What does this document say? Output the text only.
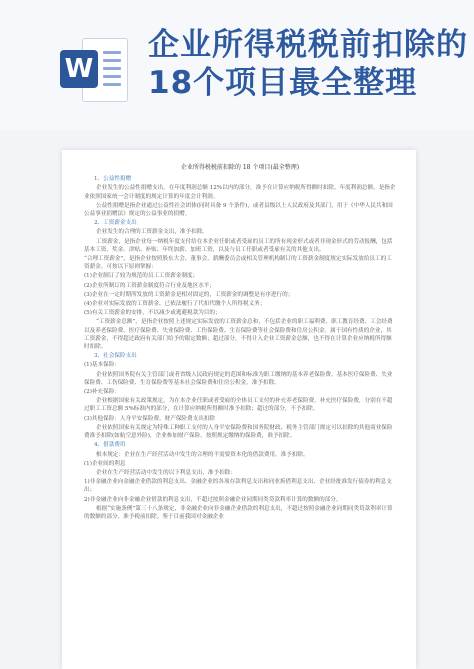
W
企业所得税税前扣除的18个项目最全整理
企业所得税税前扣除的 18 个项目(最全整理)
1、公益性捐赠
企业发生的公益性捐赠支出，在年度利润总额 12%以内的部分，准予在计算应纳税所得额时扣除。年度利润总额，是指企业依照国家统一会计制度的规定计算的年度会计利润。
公益性捐赠是指企业通过公益性社会团体(同时具备 9 个条件)，或者县级以上人民政府及其部门，用于《中华人民共和国公益事业捐赠法》规定的公益事业的捐赠。
2、工资薪金支出
企业发生的合理的工资薪金支出，准予扣除。
工资薪金，是指企业每一纳税年度支付给在本企业任职或者受雇的员工的所有现金形式或者非现金形式的劳动报酬，包括基本工资、奖金、津贴、补贴、年终加薪、加班工资，以及与员工任职或者受雇有关的其他支出。
“合理工资薪金”，是指企业按照股东大会、董事会、薪酬委员会或相关管理机构制订的工资薪金制度规定实际发放给员工的工资薪金。可按以下原则掌握：
(1)企业制订了较为规范的员工工资薪金制度；
(2)企业所制订的工资薪金制度符合行业及地区水平；
(3)企业在一定时期所发放的工资薪金是相对固定的，工资薪金的调整是有序进行的；
(4)企业对实际发放的工资薪金，已依法履行了代扣代缴个人所得税义务；
(5)有关工资薪金的安排，不以减少或逃避税款为目的；
“工资薪金总额”，是指企业按照上述规定实际发放的工资薪金总和，不包括企业的职工福利费、职工教育经费、工会经费以及养老保险费、医疗保险费、失业保险费、工伤保险费、生育保险费等社会保险费和住房公积金。属于国有性质的企业，其工资薪金，不得超过政府有关部门给予的限定数额；超过部分，不得计入企业工资薪金总额，也不得在计算企业应纳税所得额时扣除。
3、社会保险支出
(1)基本保险：
企业依照国务院有关主管部门或者省级人民政府规定的范围和标准为职工缴纳的基本养老保险费、基本医疗保险费、失业保险费、工伤保险费、生育保险费等基本社会保险费和住房公积金，准予扣除。
(2)补充保险：
企业根据国家有关政策规定，为在本企业任职或者受雇的全体员工支付的补充养老保险费、补充医疗保险费，分别在不超过职工工资总额 5%标准内的部分，在计算应纳税所得额时准予扣除；超过的部分，不予扣除。
(3)其他保险：人身平安保险费、财产保险费支出扣除
企业依照国家有关规定为特殊工种职工支付的人身平安保险费和国务院财政、税务主管部门规定可以扣除的其他商业保险费准予扣除(如航空意外险)，企业参加财产保险，按照规定缴纳的保险费，准予扣除。
4、借款费用
根本规定：企业在生产经营活动中发生的合理的不需要资本化的借款费用，准予扣除。
(1)企业间的利息
企业在生产经营活动中发生的以下利息支出，准予扣除：
1)非金融企业向金融企业借款的利息支出、金融企业的各项存款利息支出和同业拆借利息支出、企业经批准发行债券的利息支出；
2)非金融企业向非金融企业借款的利息支出，不超过按照金融企业同期同类贷款利率计算的数额的部分。
根据“实施条例”第三十八条规定，非金融企业向非金融企业借款的利息支出，不超过按照金融企业同期同类贷款利率计算的数额的部分，准予税前扣除。鉴于目前我国对金融企业
